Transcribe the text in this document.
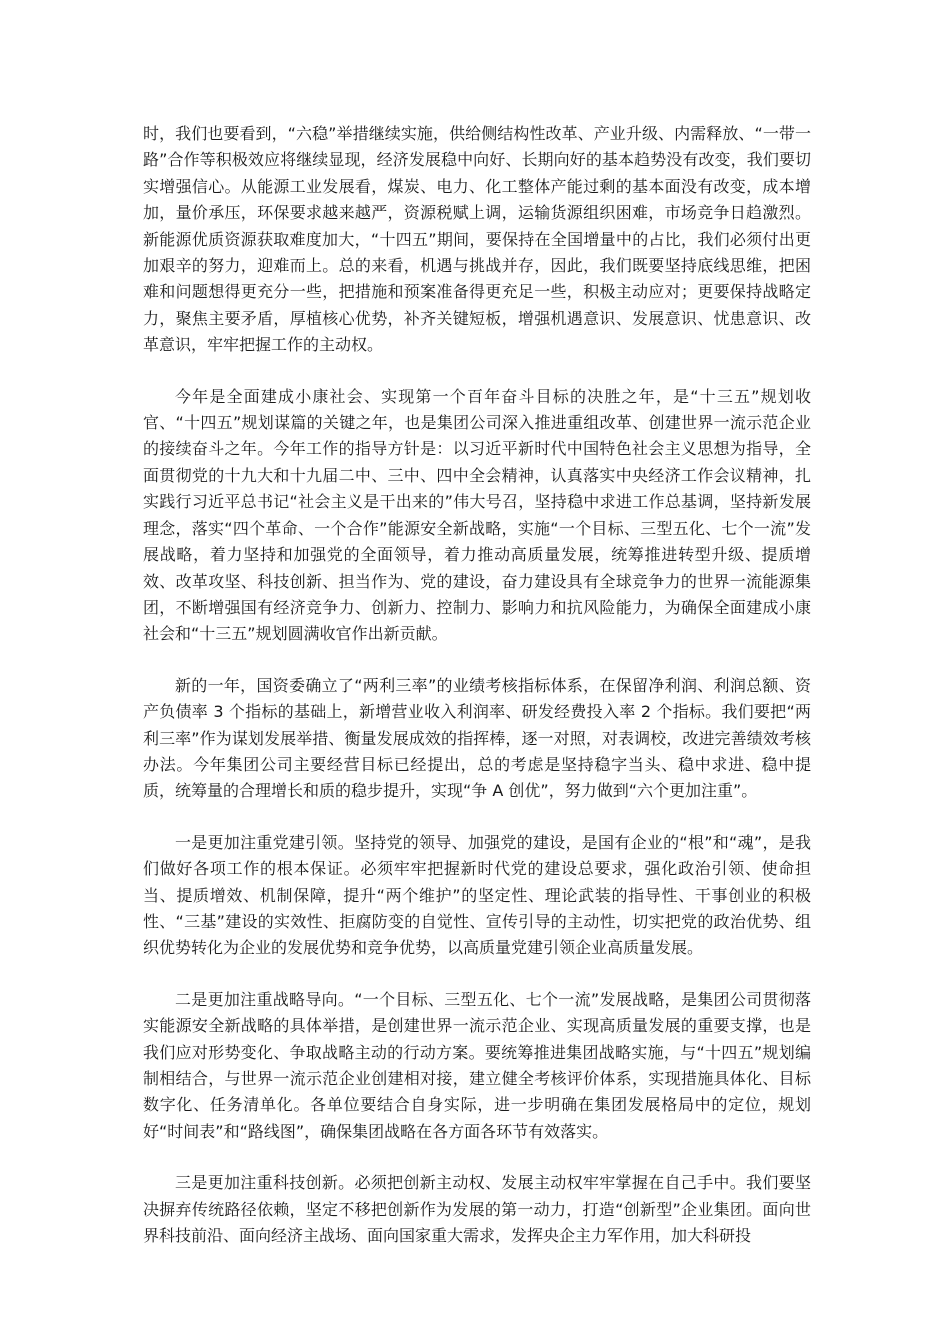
时，我们也要看到，“六稳”举措继续实施，供给侧结构性改革、产业升级、内需释放、“一带一路”合作等积极效应将继续显现，经济发展稳中向好、长期向好的基本趋势没有改变，我们要切实增强信心。从能源工业发展看，煤炭、电力、化工整体产能过剩的基本面没有改变，成本增加，量价承压，环保要求越来越严，资源税赋上调，运输货源组织困难，市场竞争日趋激烈。新能源优质资源获取难度加大，“十四五”期间，要保持在全国增量中的占比，我们必须付出更加艰辛的努力，迎难而上。总的来看，机遇与挑战并存，因此，我们既要坚持底线思维，把困难和问题想得更充分一些，把措施和预案准备得更充足一些，积极主动应对；更要保持战略定力，聚焦主要矛盾，厚植核心优势，补齐关键短板，增强机遇意识、发展意识、忧患意识、改革意识，牢牢把握工作的主动权。

今年是全面建成小康社会、实现第一个百年奋斗目标的决胜之年，是“十三五”规划收官、“十四五”规划谋篇的关键之年，也是集团公司深入推进重组改革、创建世界一流示范企业的接续奋斗之年。今年工作的指导方针是：以习近平新时代中国特色社会主义思想为指导，全面贯彻党的十九大和十九届二中、三中、四中全会精神，认真落实中央经济工作会议精神，扎实践行习近平总书记“社会主义是干出来的”伟大号召，坚持稳中求进工作总基调，坚持新发展理念，落实“四个革命、一个合作”能源安全新战略，实施“一个目标、三型五化、七个一流”发展战略，着力坚持和加强党的全面领导，着力推动高质量发展，统筹推进转型升级、提质增效、改革攻坚、科技创新、担当作为、党的建设，奋力建设具有全球竞争力的世界一流能源集团，不断增强国有经济竞争力、创新力、控制力、影响力和抗风险能力，为确保全面建成小康社会和“十三五”规划圆满收官作出新贡献。

新的一年，国资委确立了“两利三率”的业绩考核指标体系，在保留净利润、利润总额、资产负债率 3 个指标的基础上，新增营业收入利润率、研发经费投入率 2 个指标。我们要把“两利三率”作为谋划发展举措、衡量发展成效的指挥棒，逐一对照，对表调校，改进完善绩效考核办法。今年集团公司主要经营目标已经提出，总的考虑是坚持稳字当头、稳中求进、稳中提质，统筹量的合理增长和质的稳步提升，实现“争 A 创优”，努力做到“六个更加注重”。

一是更加注重党建引领。坚持党的领导、加强党的建设，是国有企业的“根”和“魂”，是我们做好各项工作的根本保证。必须牢牢把握新时代党的建设总要求，强化政治引领、使命担当、提质增效、机制保障，提升“两个维护”的坚定性、理论武装的指导性、干事创业的积极性、“三基”建设的实效性、拒腐防变的自觉性、宣传引导的主动性，切实把党的政治优势、组织优势转化为企业的发展优势和竞争优势，以高质量党建引领企业高质量发展。

二是更加注重战略导向。“一个目标、三型五化、七个一流”发展战略，是集团公司贯彻落实能源安全新战略的具体举措，是创建世界一流示范企业、实现高质量发展的重要支撑，也是我们应对形势变化、争取战略主动的行动方案。要统筹推进集团战略实施，与“十四五”规划编制相结合，与世界一流示范企业创建相对接，建立健全考核评价体系，实现措施具体化、目标数字化、任务清单化。各单位要结合自身实际，进一步明确在集团发展格局中的定位，规划好“时间表”和“路线图”，确保集团战略在各方面各环节有效落实。

三是更加注重科技创新。必须把创新主动权、发展主动权牢牢掌握在自己手中。我们要坚决摒弃传统路径依赖，坚定不移把创新作为发展的第一动力，打造“创新型”企业集团。面向世界科技前沿、面向经济主战场、面向国家重大需求，发挥央企主力军作用，加大科研投
